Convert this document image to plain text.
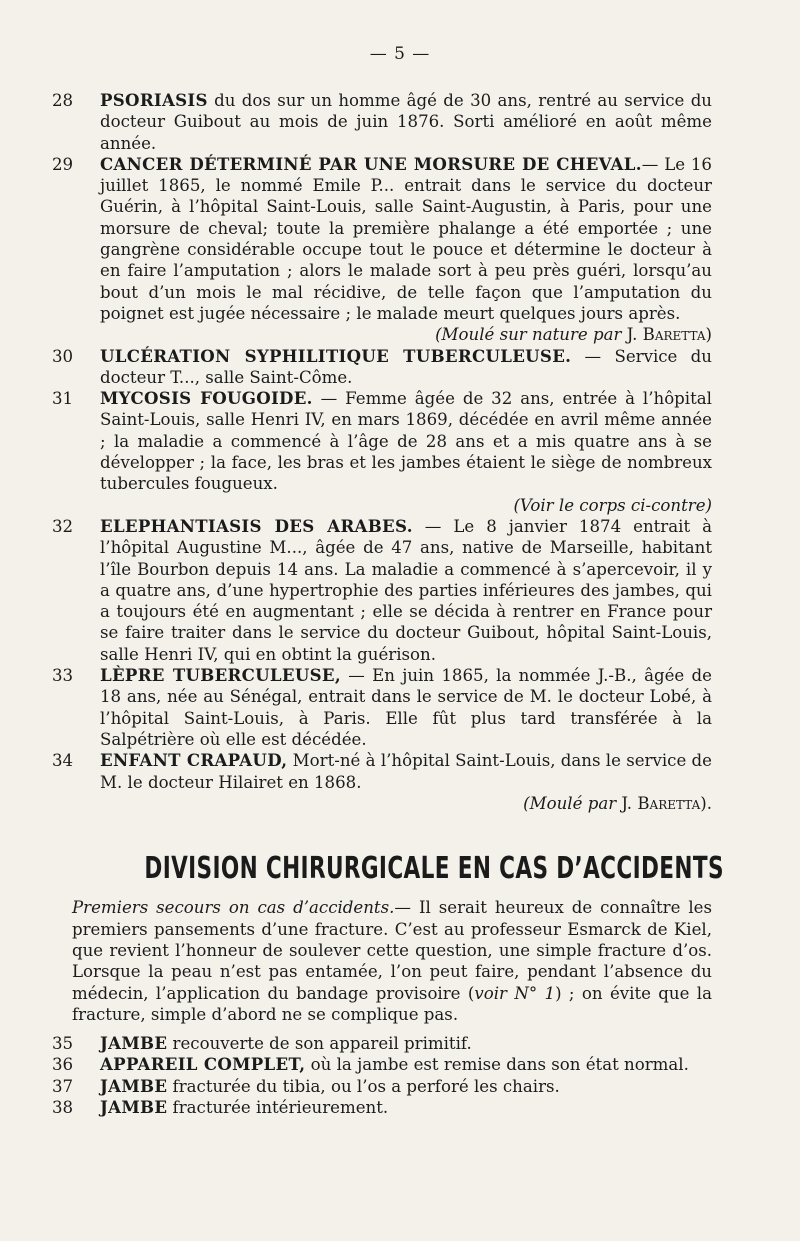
— 5 —
28	PSORIASIS du dos sur un homme âgé de 30 ans, rentré au service du docteur Guibout au mois de juin 1876. Sorti amélioré en août même année.
29	CANCER DÉTERMINÉ PAR UNE MORSURE DE CHEVAL.— Le 16 juillet 1865, le nommé Emile P... entrait dans le service du docteur Guérin, à l’hôpital Saint-Louis, salle Saint-Augustin, à Paris, pour une morsure de cheval; toute la première phalange a été emportée ; une gangrène considérable occupe tout le pouce et détermine le docteur à en faire l’amputation ; alors le malade sort à peu près guéri, lorsqu’au bout d’un mois le mal récidive, de telle façon que l’amputation du poignet est jugée nécessaire ; le malade meurt quelques jours après.
(Moulé sur nature par J. Baretta)
30	ULCÉRATION SYPHILITIQUE TUBERCULEUSE. — Service du docteur T..., salle Saint-Côme.
31	MYCOSIS FOUGOIDE. — Femme âgée de 32 ans, entrée à l’hôpital Saint-Louis, salle Henri IV, en mars 1869, décédée en avril même année ; la maladie a commencé à l’âge de 28 ans et a mis quatre ans à se développer ; la face, les bras et les jambes étaient le siège de nombreux tubercules fougueux.
(Voir le corps ci-contre)
32	ELEPHANTIASIS DES ARABES. — Le 8 janvier 1874 entrait à l’hôpital Augustine M..., âgée de 47 ans, native de Marseille, habitant l’île Bourbon depuis 14 ans. La maladie a commencé à s’apercevoir, il y a quatre ans, d’une hypertrophie des parties inférieures des jambes, qui a toujours été en augmentant ; elle se décida à rentrer en France pour se faire traiter dans le service du docteur Guibout, hôpital Saint-Louis, salle Henri IV, qui en obtint la guérison.
33	LÈPRE TUBERCULEUSE, — En juin 1865, la nommée J.-B., âgée de 18 ans, née au Sénégal, entrait dans le service de M. le docteur Lobé, à l’hôpital Saint-Louis, à Paris. Elle fût plus tard transférée à la Salpétrière où elle est décédée.
34	ENFANT CRAPAUD, Mort-né à l’hôpital Saint-Louis, dans le service de M. le docteur Hilairet en 1868.
(Moulé par J. Baretta).
DIVISION CHIRURGICALE EN CAS D’ACCIDENTS
Premiers secours on cas d’accidents.— Il serait heureux de connaître les premiers pansements d’une fracture. C’est au professeur Esmarck de Kiel, que revient l’honneur de soulever cette question, une simple fracture d’os. Lorsque la peau n’est pas entamée, l’on peut faire, pendant l’absence du médecin, l’application du bandage provisoire (voir N° 1) ; on évite que la fracture, simple d’abord ne se complique pas.
35	JAMBE recouverte de son appareil primitif.
36	APPAREIL COMPLET, où la jambe est remise dans son état normal.
37	JAMBE fracturée du tibia, ou l’os a perforé les chairs.
38	JAMBE fracturée intérieurement.
